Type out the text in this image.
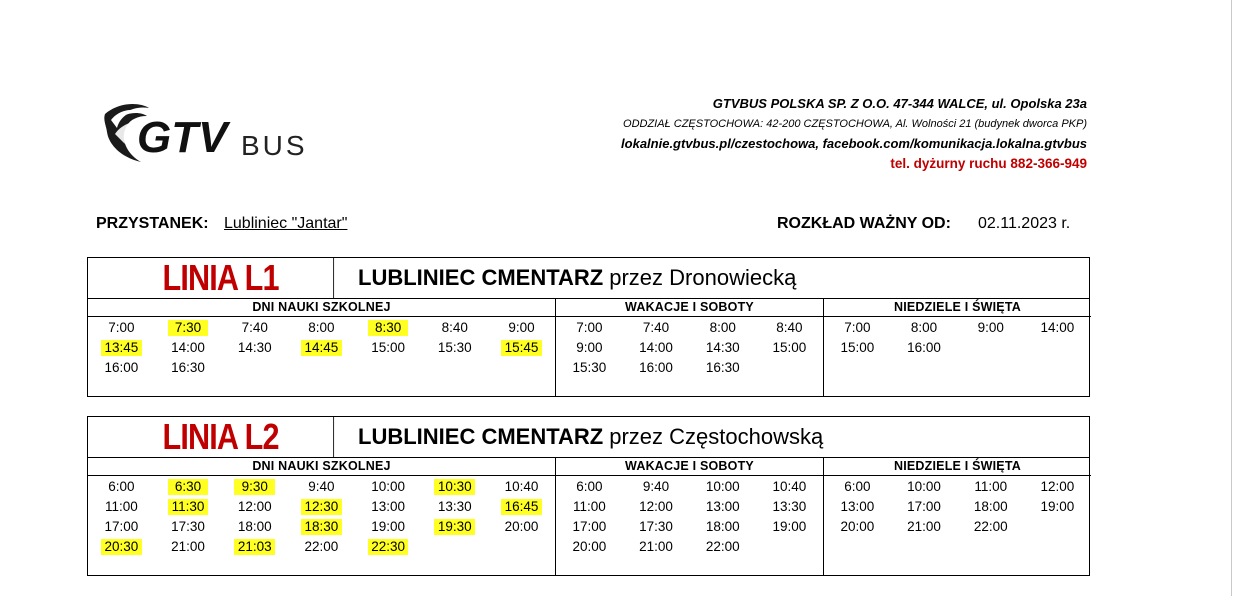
GTV BUS
GTVBUS POLSKA SP. Z O.O. 47-344 WALCE, ul. Opolska 23a
ODDZIAŁ CZĘSTOCHOWA: 42-200 CZĘSTOCHOWA, Al. Wolności 21 (budynek dworca PKP)
lokalnie.gtvbus.pl/czestochowa, facebook.com/komunikacja.lokalna.gtvbus
tel. dyżurny ruchu 882-366-949
PRZYSTANEK: Lubliniec "Jantar"	ROZKŁAD WAŻNY OD: 02.11.2023 r.
LINIA L1	LUBLINIEC CMENTARZ przez Dronowiecką
DNI NAUKI SZKOLNEJ
7:00	7:30	7:40	8:00	8:30	8:40	9:00
13:45	14:00	14:30	14:45	15:00	15:30	15:45
16:00	16:30
WAKACJE I SOBOTY
7:00	7:40	8:00	8:40
9:00	14:00	14:30	15:00
15:30	16:00	16:30
NIEDZIELE I ŚWIĘTA
7:00	8:00	9:00	14:00
15:00	16:00
LINIA L2	LUBLINIEC CMENTARZ przez Częstochowską
DNI NAUKI SZKOLNEJ
6:00	6:30	9:30	9:40	10:00	10:30	10:40
11:00	11:30	12:00	12:30	13:00	13:30	16:45
17:00	17:30	18:00	18:30	19:00	19:30	20:00
20:30	21:00	21:03	22:00	22:30
WAKACJE I SOBOTY
6:00	9:40	10:00	10:40
11:00	12:00	13:00	13:30
17:00	17:30	18:00	19:00
20:00	21:00	22:00
NIEDZIELE I ŚWIĘTA
6:00	10:00	11:00	12:00
13:00	17:00	18:00	19:00
20:00	21:00	22:00
